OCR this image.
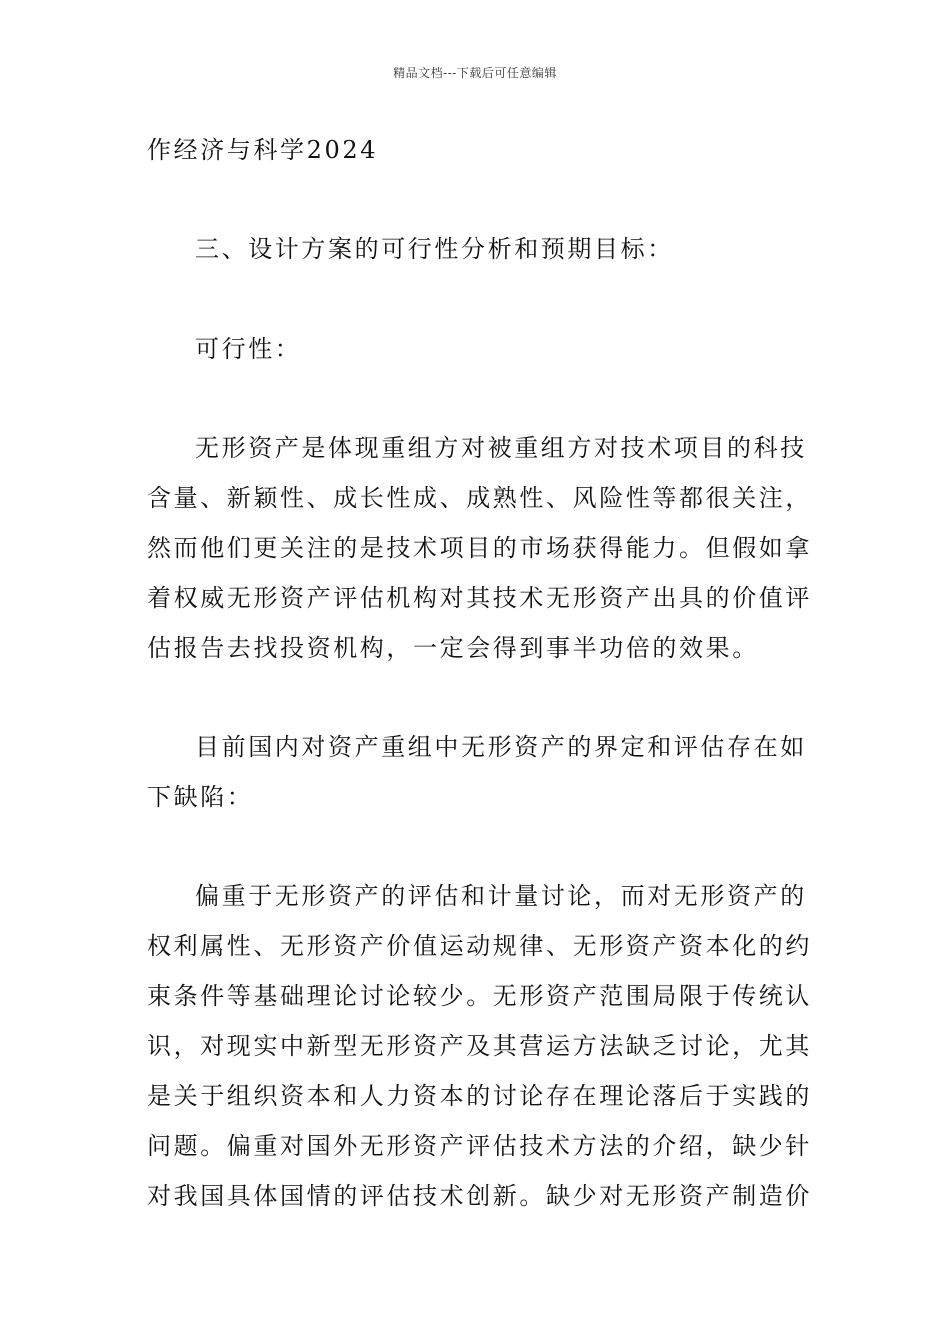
精品文档---下载后可任意编辑
作经济与科学2024
三、设计方案的可行性分析和预期目标：
可行性：
无形资产是体现重组方对被重组方对技术项目的科技
含量、新颖性、成长性成、成熟性、风险性等都很关注，
然而他们更关注的是技术项目的市场获得能力。但假如拿
着权威无形资产评估机构对其技术无形资产出具的价值评
估报告去找投资机构，一定会得到事半功倍的效果。
目前国内对资产重组中无形资产的界定和评估存在如
下缺陷：
偏重于无形资产的评估和计量讨论，而对无形资产的
权利属性、无形资产价值运动规律、无形资产资本化的约
束条件等基础理论讨论较少。无形资产范围局限于传统认
识，对现实中新型无形资产及其营运方法缺乏讨论，尤其
是关于组织资本和人力资本的讨论存在理论落后于实践的
问题。偏重对国外无形资产评估技术方法的介绍，缺少针
对我国具体国情的评估技术创新。缺少对无形资产制造价
